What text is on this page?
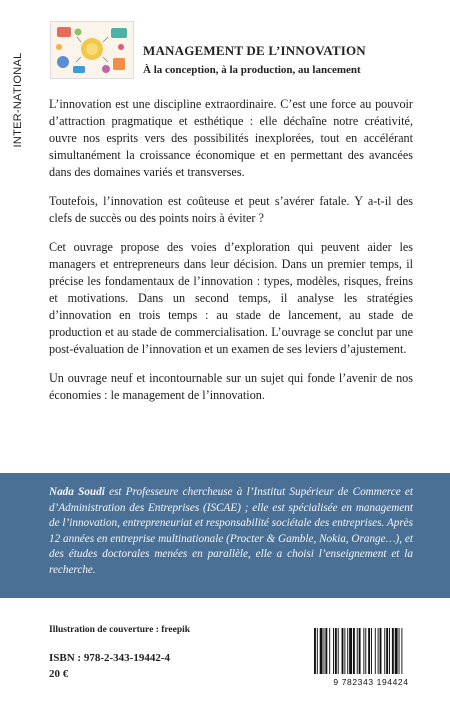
INTER-NATIONAL
MANAGEMENT DE L’INNOVATION
À la conception, à la production, au lancement

L’innovation est une discipline extraordinaire. C’est une force au pouvoir d’attraction pragmatique et esthétique : elle déchaîne notre créativité, ouvre nos esprits vers des possibilités inexplorées, tout en accélérant simultanément la croissance économique et en permettant des avancées dans des domaines variés et transverses.

Toutefois, l’innovation est coûteuse et peut s’avérer fatale. Y a-t-il des clefs de succès ou des points noirs à éviter ?

Cet ouvrage propose des voies d’exploration qui peuvent aider les managers et entrepreneurs dans leur décision. Dans un premier temps, il précise les fondamentaux de l’innovation : types, modèles, risques, freins et motivations. Dans un second temps, il analyse les stratégies d’innovation en trois temps : au stade de lancement, au stade de production et au stade de commercialisation. L’ouvrage se conclut par une post-évaluation de l’innovation et un examen de ses leviers d’ajustement.

Un ouvrage neuf et incontournable sur un sujet qui fonde l’avenir de nos économies : le management de l’innovation.

Nada Soudi est Professeure chercheuse à l’Institut Supérieur de Commerce et d’Administration des Entreprises (ISCAE) ; elle est spécialisée en management de l’innovation, entrepreneuriat et responsabilité sociétale des entreprises. Après 12 années en entreprise multinationale (Procter & Gamble, Nokia, Orange…), et des études doctorales menées en parallèle, elle a choisi l’enseignement et la recherche.

Illustration de couverture : freepik
ISBN : 978-2-343-19442-4
20 €
9 782343 194424
